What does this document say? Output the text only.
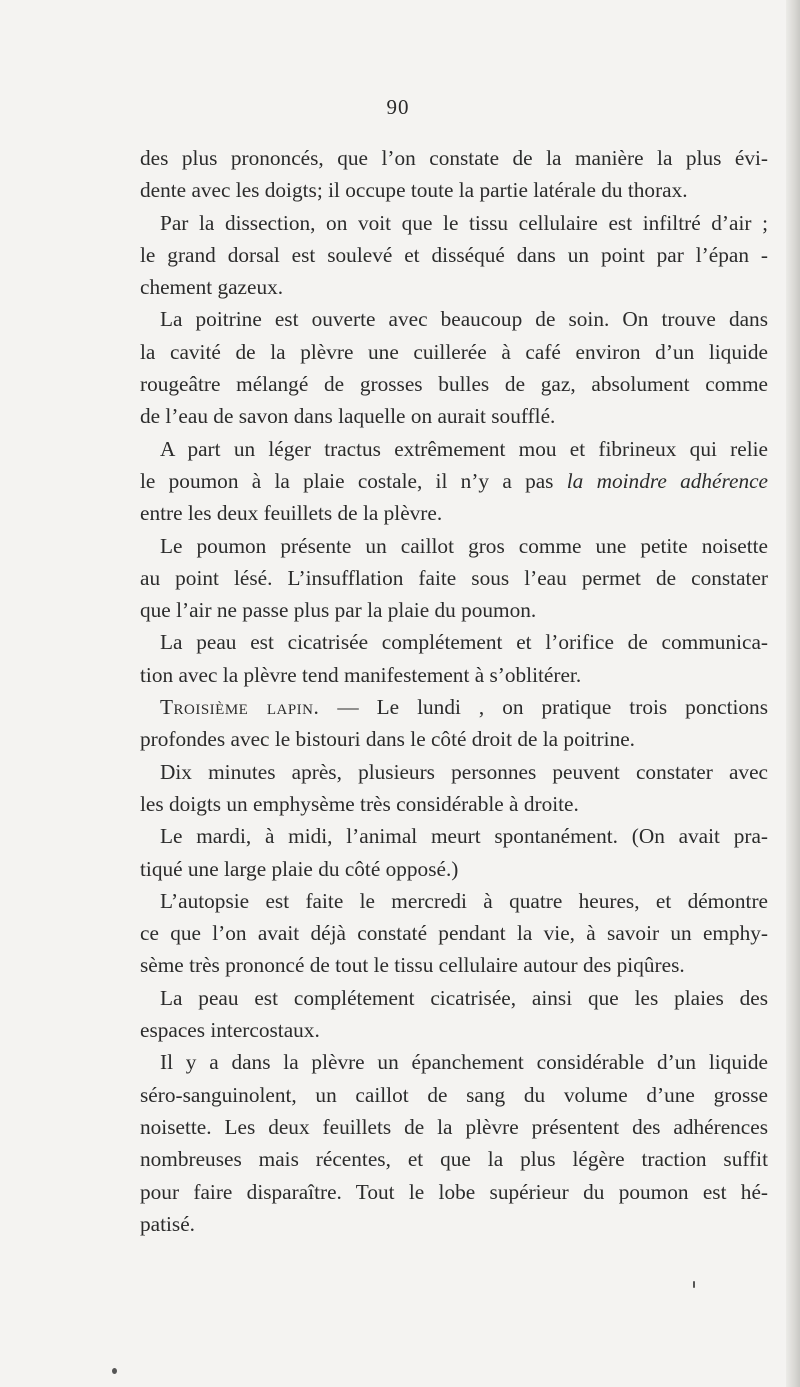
90
des plus prononcés, que l’on constate de la manière la plus évi-
dente avec les doigts; il occupe toute la partie latérale du thorax.
Par la dissection, on voit que le tissu cellulaire est infiltré d’air ;
le grand dorsal est soulevé et disséqué dans un point par l’épan -
chement gazeux.
La poitrine est ouverte avec beaucoup de soin. On trouve dans
la cavité de la plèvre une cuillerée à café environ d’un liquide
rougeâtre mélangé de grosses bulles de gaz, absolument comme
de l’eau de savon dans laquelle on aurait soufflé.
A part un léger tractus extrêmement mou et fibrineux qui relie
le poumon à la plaie costale, il n’y a pas la moindre adhérence
entre les deux feuillets de la plèvre.
Le poumon présente un caillot gros comme une petite noisette
au point lésé. L’insufflation faite sous l’eau permet de constater
que l’air ne passe plus par la plaie du poumon.
La peau est cicatrisée complétement et l’orifice de communica-
tion avec la plèvre tend manifestement à s’oblitérer.
Troisième lapin. — Le lundi , on pratique trois ponctions
profondes avec le bistouri dans le côté droit de la poitrine.
Dix minutes après, plusieurs personnes peuvent constater avec
les doigts un emphysème très considérable à droite.
Le mardi, à midi, l’animal meurt spontanément. (On avait pra-
tiqué une large plaie du côté opposé.)
L’autopsie est faite le mercredi à quatre heures, et démontre
ce que l’on avait déjà constaté pendant la vie, à savoir un emphy-
sème très prononcé de tout le tissu cellulaire autour des piqûres.
La peau est complétement cicatrisée, ainsi que les plaies des
espaces intercostaux.
Il y a dans la plèvre un épanchement considérable d’un liquide
séro-sanguinolent, un caillot de sang du volume d’une grosse
noisette. Les deux feuillets de la plèvre présentent des adhérences
nombreuses mais récentes, et que la plus légère traction suffit
pour faire disparaître. Tout le lobe supérieur du poumon est hé-
patisé.
